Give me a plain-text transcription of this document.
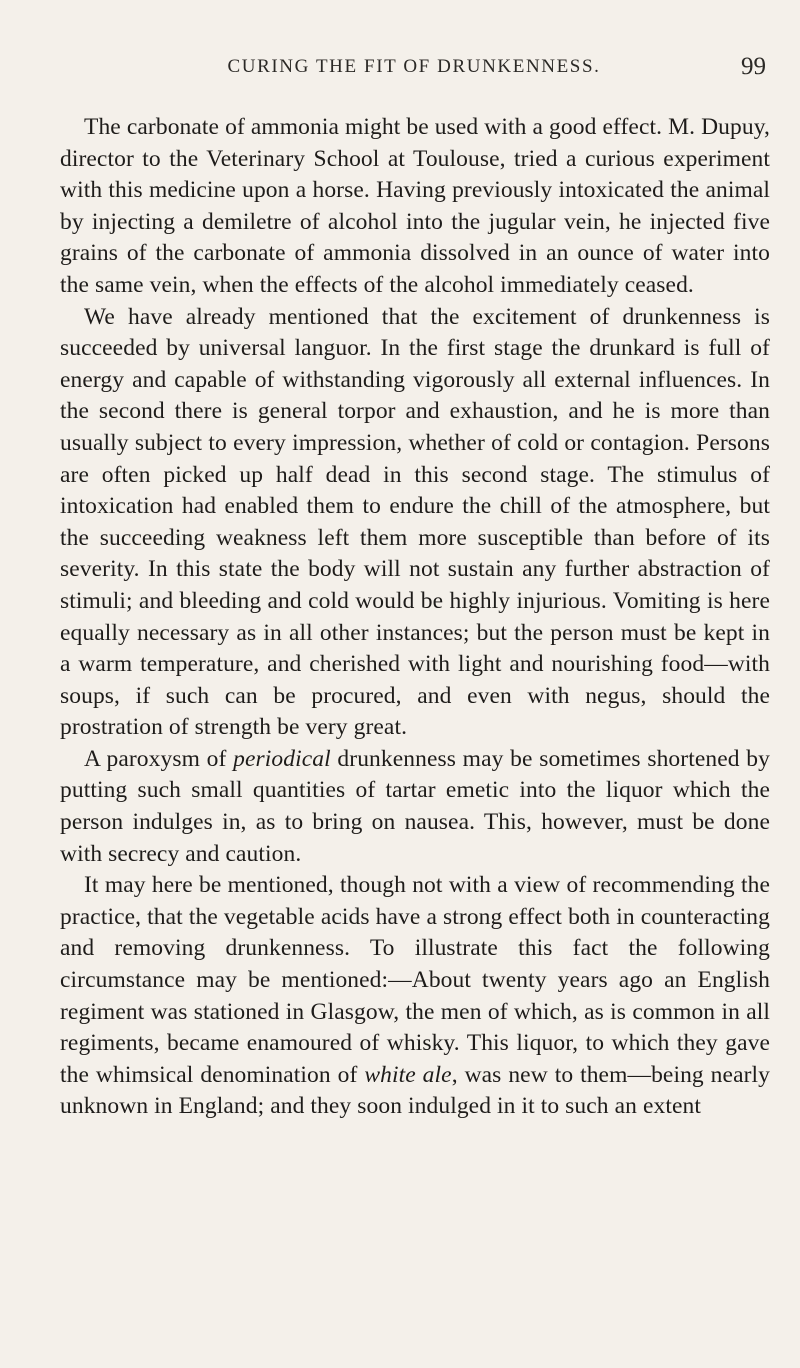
CURING THE FIT OF DRUNKENNESS.	99

The carbonate of ammonia might be used with a good effect. M. Dupuy, director to the Veterinary School at Toulouse, tried a curious experiment with this medicine upon a horse. Having previously intoxicated the animal by injecting a demiletre of alcohol into the jugular vein, he injected five grains of the carbonate of ammonia dissolved in an ounce of water into the same vein, when the effects of the alcohol immediately ceased.

We have already mentioned that the excitement of drunkenness is succeeded by universal languor. In the first stage the drunkard is full of energy and capable of withstanding vigorously all external influences. In the second there is general torpor and exhaustion, and he is more than usually subject to every impression, whether of cold or contagion. Persons are often picked up half dead in this second stage. The stimulus of intoxication had enabled them to endure the chill of the atmosphere, but the succeeding weakness left them more susceptible than before of its severity. In this state the body will not sustain any further abstraction of stimuli; and bleeding and cold would be highly injurious. Vomiting is here equally necessary as in all other instances; but the person must be kept in a warm temperature, and cherished with light and nourishing food—with soups, if such can be procured, and even with negus, should the prostration of strength be very great.

A paroxysm of periodical drunkenness may be sometimes shortened by putting such small quantities of tartar emetic into the liquor which the person indulges in, as to bring on nausea. This, however, must be done with secrecy and caution.

It may here be mentioned, though not with a view of recommending the practice, that the vegetable acids have a strong effect both in counteracting and removing drunkenness. To illustrate this fact the following circumstance may be mentioned:—About twenty years ago an English regiment was stationed in Glasgow, the men of which, as is common in all regiments, became enamoured of whisky. This liquor, to which they gave the whimsical denomination of white ale, was new to them—being nearly unknown in England; and they soon indulged in it to such an extent
